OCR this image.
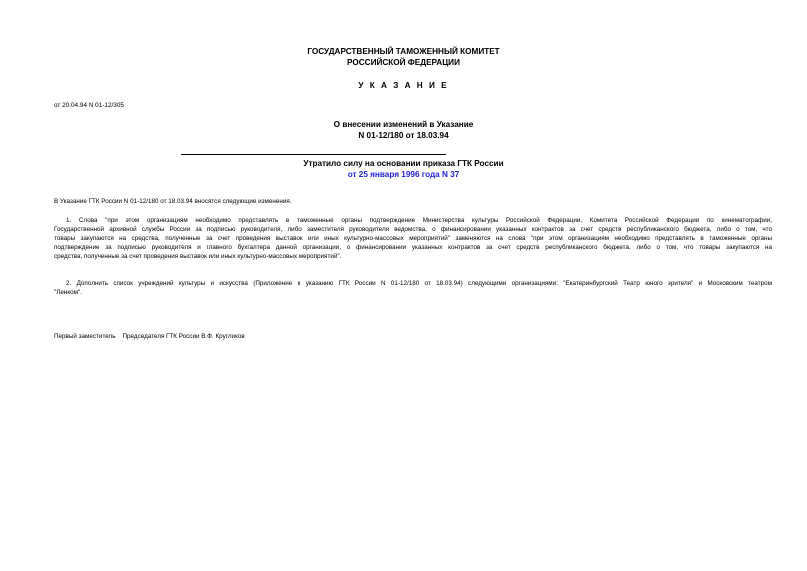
ГОСУДАРСТВЕННЫЙ ТАМОЖЕННЫЙ КОМИТЕТ
РОССИЙСКОЙ ФЕДЕРАЦИИ
У К А З А Н И Е
от 20.04.94 N 01-12/305
О внесении изменений в Указание
N 01-12/180 от 18.03.94
Утратило силу на основании приказа ГТК России
от 25 января 1996 года N 37
В Указание ГТК России N 01-12/180 от 18.03.94 вносятся следующие изменения.
1. Слова "при этом организациям необходимо представлять в таможенные органы подтверждение Министерства культуры Российской Федерации, Комитета Российской Федерации по кинематографии,
Государственной архивной службы России за подписью руководителя, либо заместителя руководителя ведомства, о финансировании указанных контрактов за счет средств республиканского бюджета, либо о том, что
товары закупаются на средства, полученные за счет проведения выставок или иных культурно-массовых мероприятий" заменяются на слова "при этом организациям необходимо представлять в таможенные органы
подтверждение за подписью руководителя и главного бухгалтера данной организации, о финансировании указанных контрактов за счет средств республиканского бюджета, либо о том, что товары закупаются на
средства, полученные за счет проведения выставок или иных культурно-массовых мероприятий".
2. Дополнить список учреждений культуры и искусства (Приложение к указанию ГТК России N 01-12/180 от 18.03.94) следующими организациями: "Екатеринбургский Театр юного зрителя" и Московским театром
"Ленком".
Первый заместитель    Председателя ГТК России В.Ф. Кругликов
